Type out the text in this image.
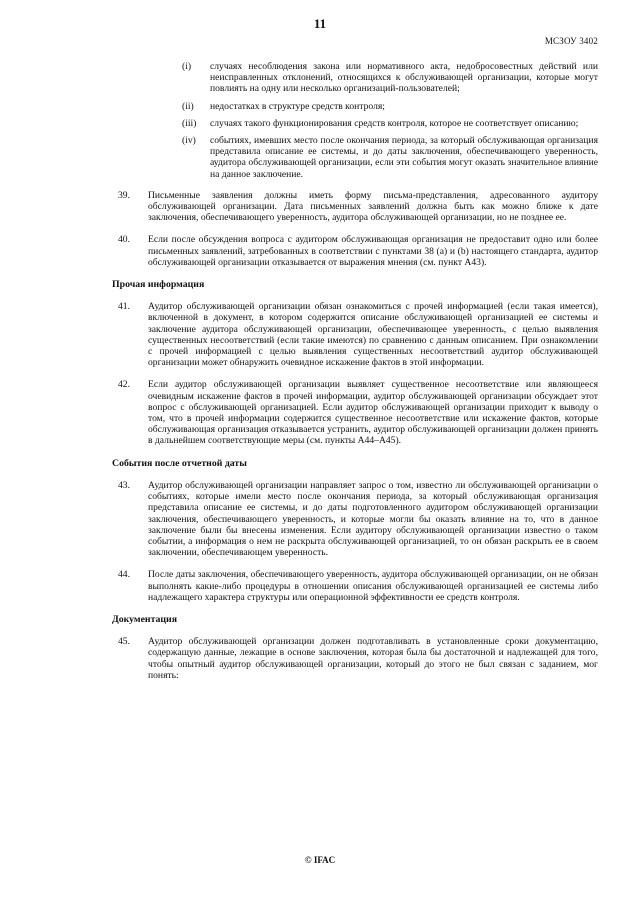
11
МСЗОУ 3402
(i) случаях несоблюдения закона или нормативного акта, недобросовестных действий или неисправленных отклонений, относящихся к обслуживающей организации, которые могут повлиять на одну или несколько организаций-пользователей;
(ii) недостатках в структуре средств контроля;
(iii) случаях такого функционирования средств контроля, которое не соответствует описанию;
(iv) событиях, имевших место после окончания периода, за который обслуживающая организация представила описание ее системы, и до даты заключения, обеспечивающего уверенность, аудитора обслуживающей организации, если эти события могут оказать значительное влияние на данное заключение.
39. Письменные заявления должны иметь форму письма-представления, адресованного аудитору обслуживающей организации. Дата письменных заявлений должна быть как можно ближе к дате заключения, обеспечивающего уверенность, аудитора обслуживающей организации, но не позднее ее.
40. Если после обсуждения вопроса с аудитором обслуживающая организация не предоставит одно или более письменных заявлений, затребованных в соответствии с пунктами 38 (a) и (b) настоящего стандарта, аудитор обслуживающей организации отказывается от выражения мнения (см. пункт А43).
Прочая информация
41. Аудитор обслуживающей организации обязан ознакомиться с прочей информацией (если такая имеется), включенной в документ, в котором содержится описание обслуживающей организацией ее системы и заключение аудитора обслуживающей организации, обеспечивающее уверенность, с целью выявления существенных несоответствий (если такие имеются) по сравнению с данным описанием. При ознакомлении с прочей информацией с целью выявления существенных несоответствий аудитор обслуживающей организации может обнаружить очевидное искажение фактов в этой информации.
42. Если аудитор обслуживающей организации выявляет существенное несоответствие или являющееся очевидным искажение фактов в прочей информации, аудитор обслуживающей организации обсуждает этот вопрос с обслуживающей организацией. Если аудитор обслуживающей организации приходит к выводу о том, что в прочей информации содержится существенное несоответствие или искажение фактов, которые обслуживающая организация отказывается устранить, аудитор обслуживающей организации должен принять в дальнейшем соответствующие меры (см. пункты А44–А45).
События после отчетной даты
43. Аудитор обслуживающей организации направляет запрос о том, известно ли обслуживающей организации о событиях, которые имели место после окончания периода, за который обслуживающая организация представила описание ее системы, и до даты подготовленного аудитором обслуживающей организации заключения, обеспечивающего уверенность, и которые могли бы оказать влияние на то, что в данное заключение были бы внесены изменения. Если аудитору обслуживающей организации известно о таком событии, а информация о нем не раскрыта обслуживающей организацией, то он обязан раскрыть ее в своем заключении, обеспечивающем уверенность.
44. После даты заключения, обеспечивающего уверенность, аудитора обслуживающей организации, он не обязан выполнять какие-либо процедуры в отношении описания обслуживающей организацией ее системы либо надлежащего характера структуры или операционной эффективности ее средств контроля.
Документация
45. Аудитор обслуживающей организации должен подготавливать в установленные сроки документацию, содержащую данные, лежащие в основе заключения, которая была бы достаточной и надлежащей для того, чтобы опытный аудитор обслуживающей организации, который до этого не был связан с заданием, мог понять:
© IFAC
